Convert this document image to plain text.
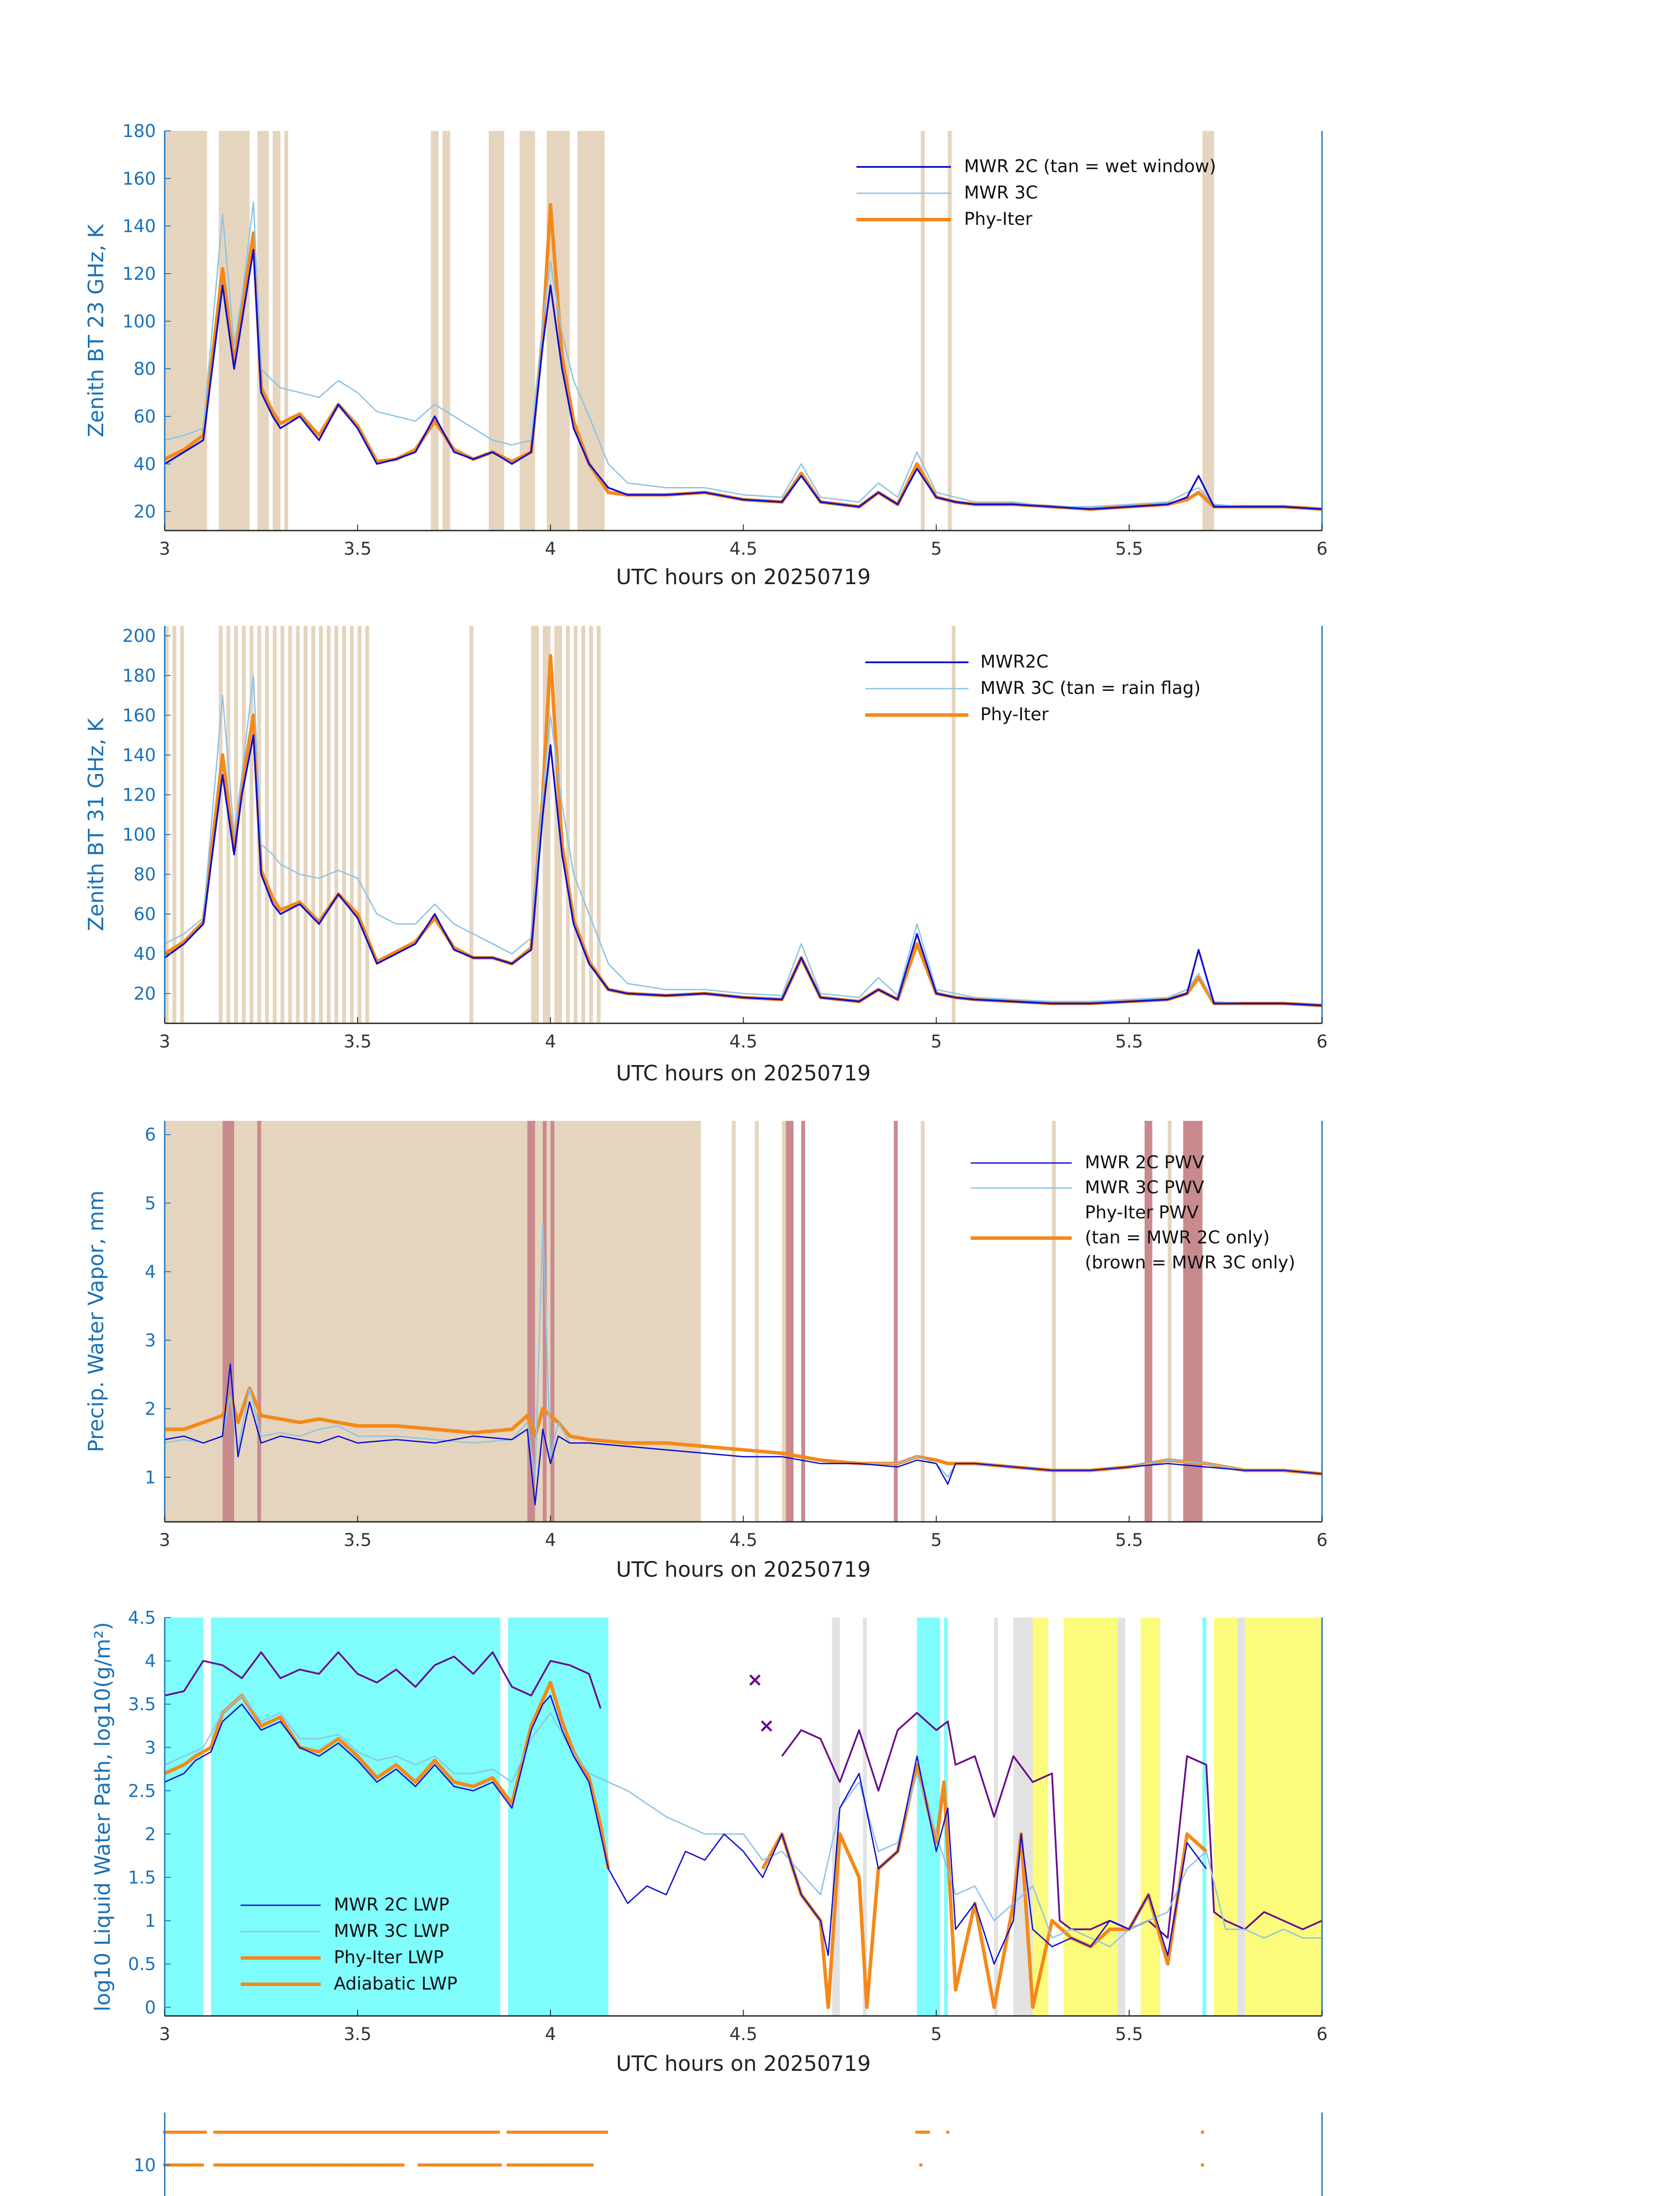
3	3.5	4	4.5	5	5.5	6
20
40
60
80
100
120
140
160
180
UTC hours on 20250719
Zenith BT 23 GHz, K
MWR 2C (tan = wet window)
MWR 3C
Phy-Iter
3	3.5	4	4.5	5	5.5	6
20
40
60
80
100
120
140
160
180
200
UTC hours on 20250719
Zenith BT 31 GHz, K
MWR2C
MWR 3C (tan = rain flag)
Phy-Iter
3	3.5	4	4.5	5	5.5	6
1
2
3
4
5
6
UTC hours on 20250719
Precip. Water Vapor, mm
MWR 2C PWV
MWR 3C PWV
Phy-Iter PWV
(tan = MWR 2C only)
(brown = MWR 3C only)
×
×
3	3.5	4	4.5	5	5.5	6
0
0.5
1
1.5
2
2.5
3
3.5
4
4.5
UTC hours on 20250719
log10 Liquid Water Path, log10(g/m²)	MWR 2C LWP
MWR 3C LWP
Phy-Iter LWP
Adiabatic LWP
10
